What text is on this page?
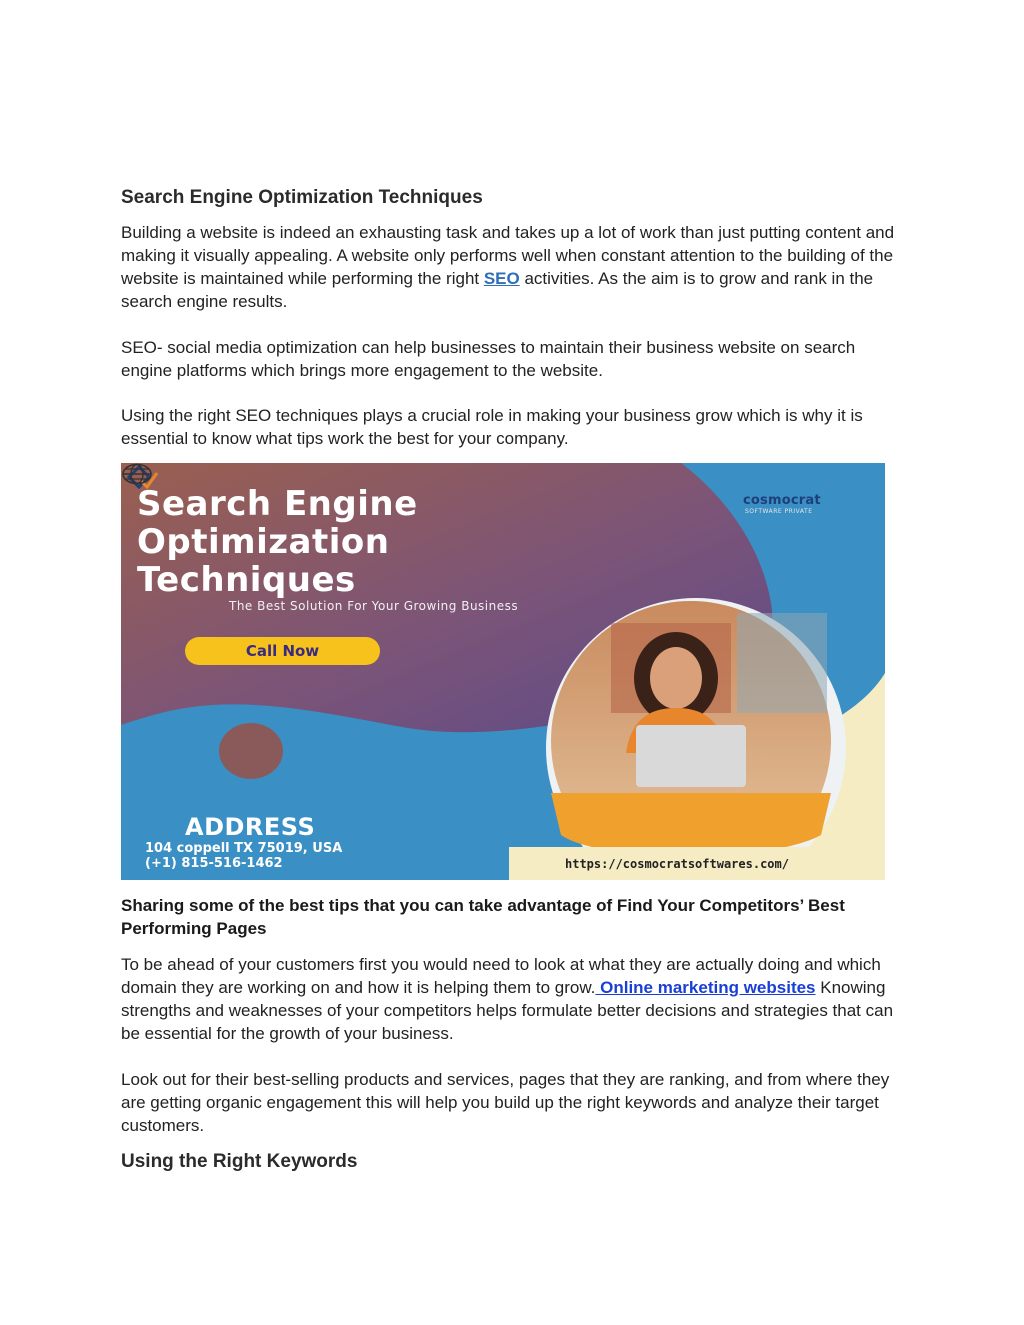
Search Engine Optimization Techniques

Building a website is indeed an exhausting task and takes up a lot of work than just putting content and making it visually appealing. A website only performs well when constant attention to the building of the website is maintained while performing the right SEO activities. As the aim is to grow and rank in the search engine results.

SEO- social media optimization can help businesses to maintain their business website on search engine platforms which brings more engagement to the website.

Using the right SEO techniques plays a crucial role in making your business grow which is why it is essential to know what tips work the best for your company.

Search Engine
Optimization
Techniques
The Best Solution For Your Growing Business
Call Now
cosmocrat
SOFTWARE PRIVATE
ADDRESS
104 coppell TX 75019, USA
(+1) 815-516-1462	https://cosmocratsoftwares.com/

Sharing some of the best tips that you can take advantage of Find Your Competitors’ Best Performing Pages

To be ahead of your customers first you would need to look at what they are actually doing and which domain they are working on and how it is helping them to grow. Online marketing websites Knowing strengths and weaknesses of your competitors helps formulate better decisions and strategies that can be essential for the growth of your business.

Look out for their best-selling products and services, pages that they are ranking, and from where they are getting organic engagement this will help you build up the right keywords and analyze their target customers.

Using the Right Keywords
